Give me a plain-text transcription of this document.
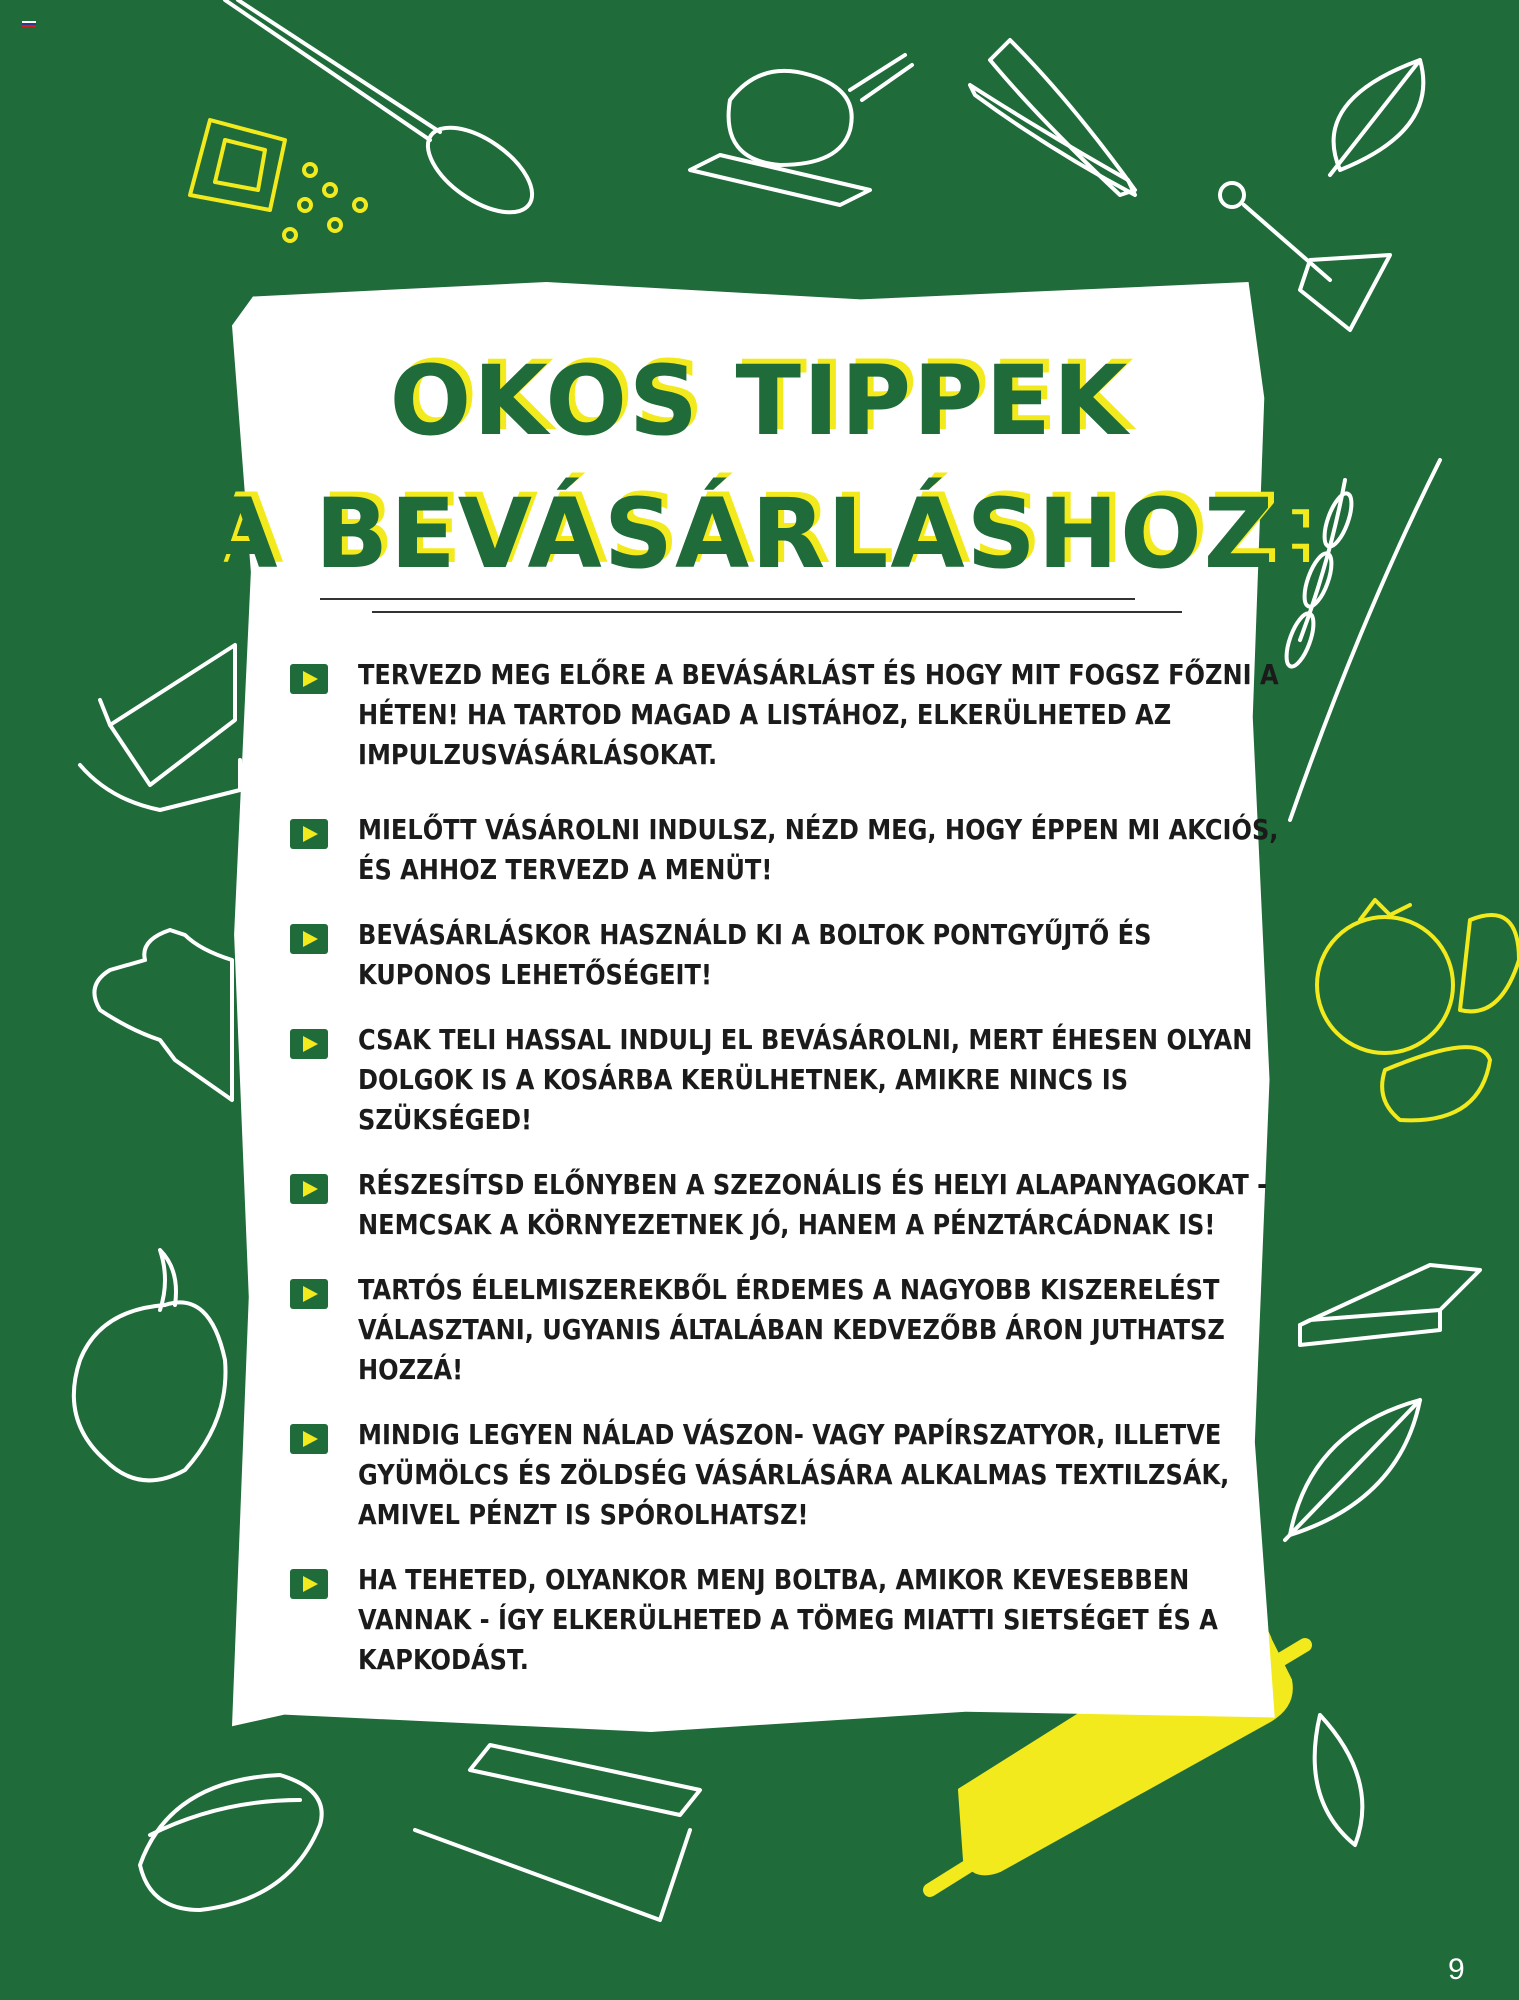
OKOS TIPPEK
A BEVÁSÁRLÁSHOZ:
TERVEZD MEG ELŐRE A BEVÁSÁRLÁST ÉS HOGY MIT FOGSZ FŐZNI A HÉTEN! HA TARTOD MAGAD A LISTÁHOZ, ELKERÜLHETED AZ IMPULZUSVÁSÁRLÁSOKAT.
MIELŐTT VÁSÁROLNI INDULSZ, NÉZD MEG, HOGY ÉPPEN MI AKCIÓS, ÉS AHHOZ TERVEZD A MENÜT!
BEVÁSÁRLÁSKOR HASZNÁLD KI A BOLTOK PONTGYŰJTŐ ÉS KUPONOS LEHETŐSÉGEIT!
CSAK TELI HASSAL INDULJ EL BEVÁSÁROLNI, MERT ÉHESEN OLYAN DOLGOK IS A KOSÁRBA KERÜLHETNEK, AMIKRE NINCS IS SZÜKSÉGED!
RÉSZESÍTSD ELŐNYBEN A SZEZONÁLIS ÉS HELYI ALAPANYAGOKAT - NEMCSAK A KÖRNYEZETNEK JÓ, HANEM A PÉNZTÁRCÁDNAK IS!
TARTÓS ÉLELMISZEREKBŐL ÉRDEMES A NAGYOBB KISZERELÉST VÁLASZTANI, UGYANIS ÁLTALÁBAN KEDVEZŐBB ÁRON JUTHATSZ HOZZÁ!
MINDIG LEGYEN NÁLAD VÁSZON- VAGY PAPÍRSZATYOR, ILLETVE GYÜMÖLCS ÉS ZÖLDSÉG VÁSÁRLÁSÁRA ALKALMAS TEXTILZSÁK, AMIVEL PÉNZT IS SPÓROLHATSZ!
HA TEHETED, OLYANKOR MENJ BOLTBA, AMIKOR KEVESEBBEN VANNAK - ÍGY ELKERÜLHETED A TÖMEG MIATTI SIETSÉGET ÉS A KAPKODÁST.
9
